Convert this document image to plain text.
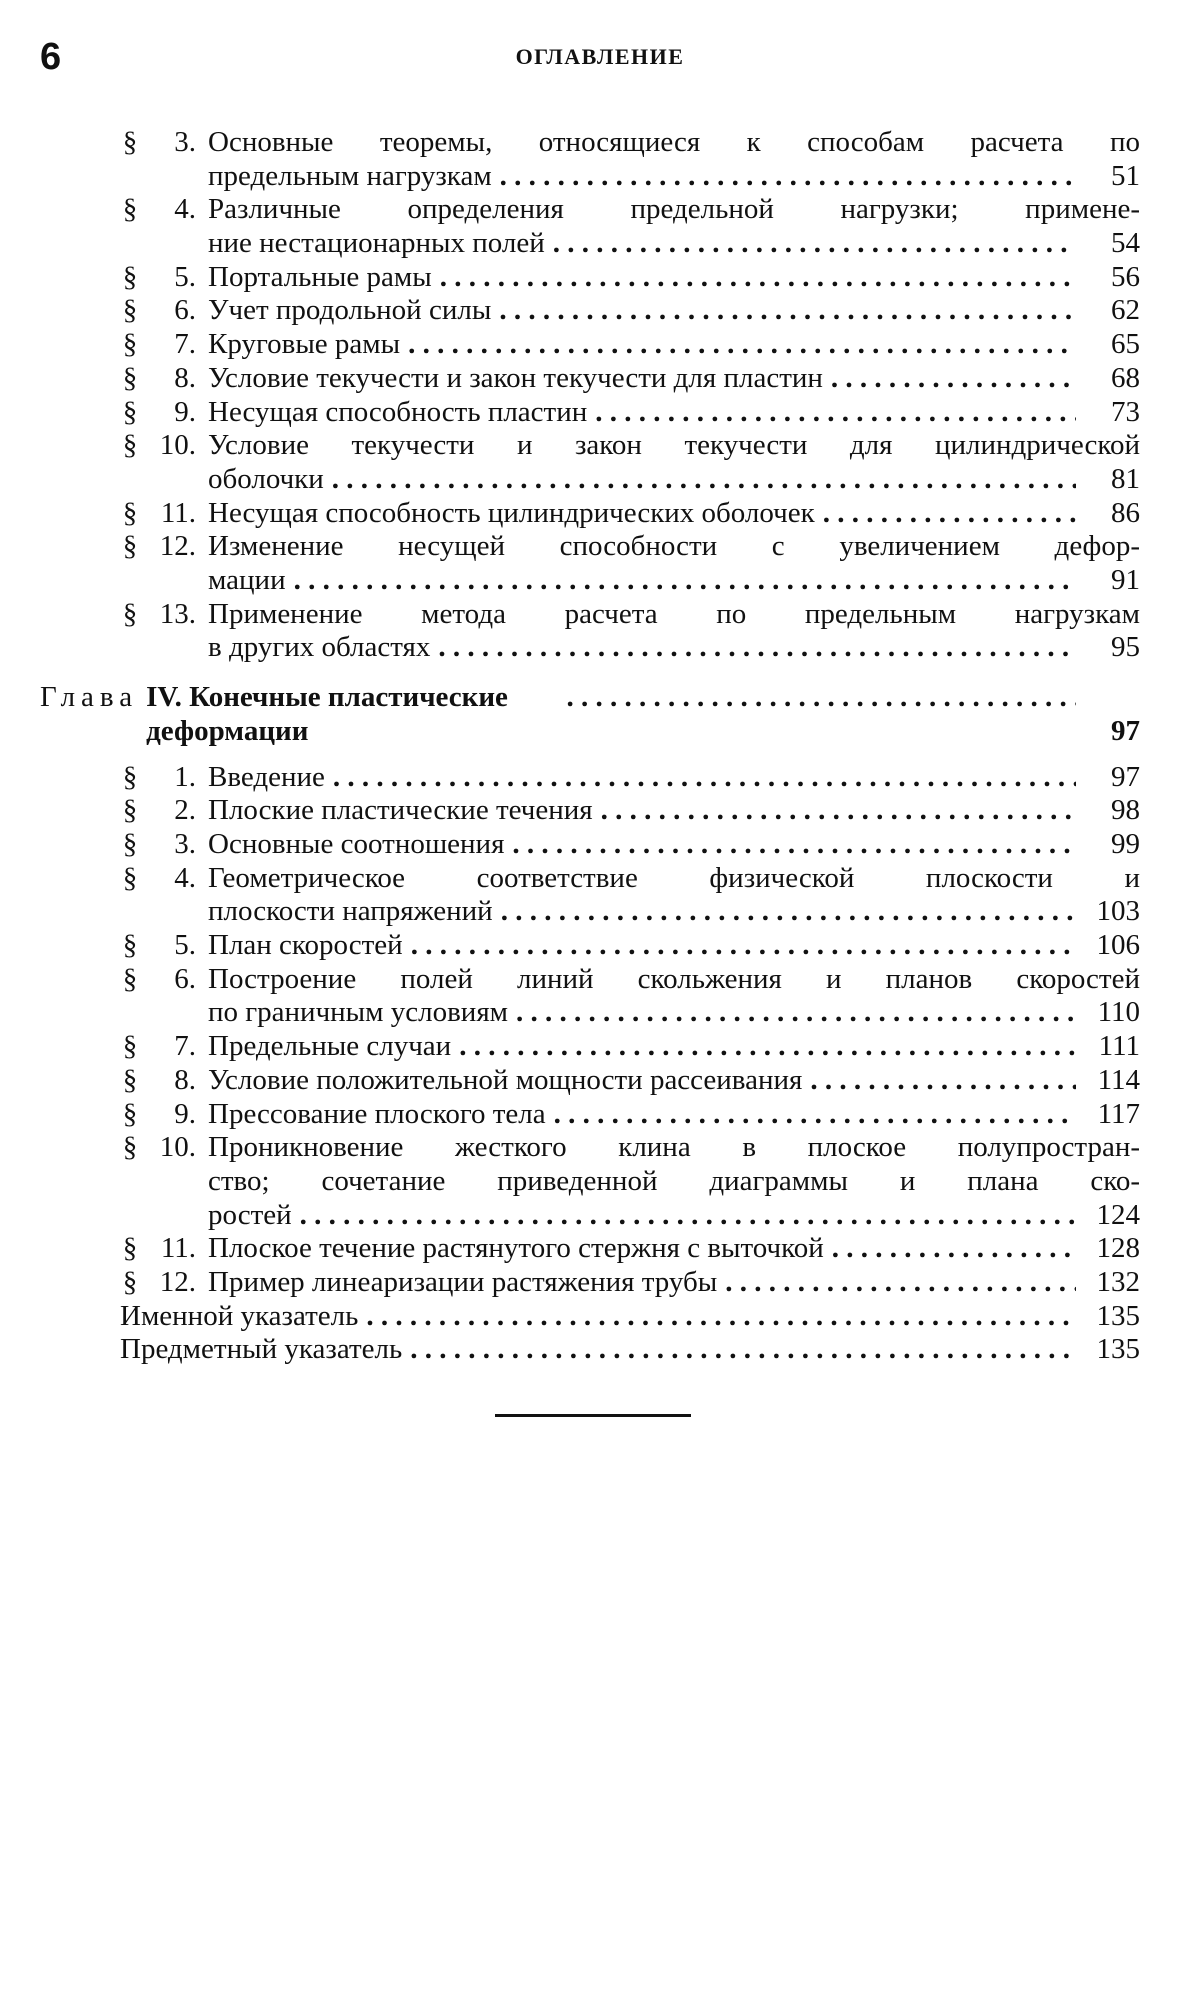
6	ОГЛАВЛЕНИЕ
§	3. Основные теоремы, относящиеся к способам расчета по
предельным нагрузкам . . .	51
§	4. Различные определения предельной нагрузки; примене-
ние нестационарных полей . . .	54
§	5. Портальные рамы . . .	56
§	6. Учет продольной силы . . .	62
§	7. Круговые рамы . . .	65
§	8. Условие текучести и закон текучести для пластин . . .	68
§	9. Несущая способность пластин . . .	73
§ 10. Условие текучести и закон текучести для цилиндрической
оболочки . . .	81
§ 11. Несущая способность цилиндрических оболочек . . .	86
§ 12. Изменение несущей способности с увеличением дефор-
мации . . .	91
§ 13. Применение метода расчета по предельным нагрузкам
в других областях . . .	95
Глава IV. Конечные пластические деформации
. . .	97
§	1. Введение . . .	97
§	2. Плоские пластические течения . . .	98
§	3. Основные соотношения . . .	99
§	4. Геометрическое соответствие физической плоскости и
плоскости напряжений . . .	103
§	5. План скоростей . . .	106
§	6. Построение полей линий скольжения и планов скоростей
по граничным условиям . . .	110
§	7. Предельные случаи . . .	111
§	8. Условие положительной мощности рассеивания . . .	114
§	9. Прессование плоского тела . . .	117
§ 10. Проникновение жесткого клина в плоское полупростран-
ство; сочетание приведенной диаграммы и плана ско-
ростей . . .	124
§ 11. Плоское течение растянутого стержня с выточкой . . .	128
§ 12. Пример линеаризации растяжения трубы . . .	132
Именной указатель . . .	135
Предметный указатель . . .	135
